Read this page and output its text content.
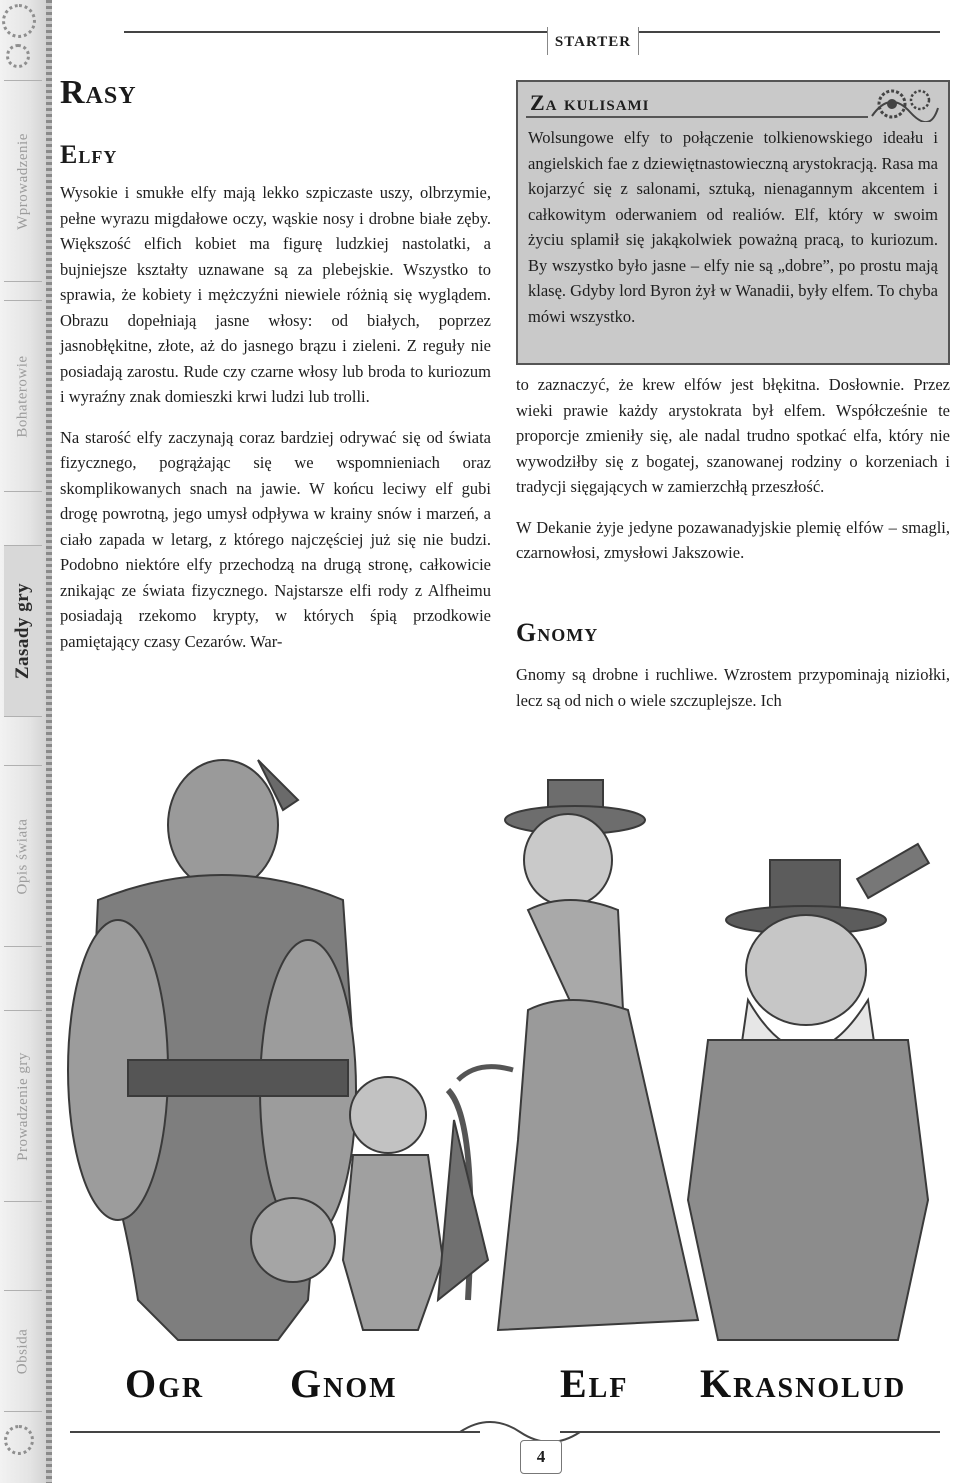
Wprowadzenie
Bohaterowie
Zasady gry
Opis świata
Prowadzenie gry
Obsida
STARTER
Rasy
Elfy

Wysokie i smukłe elfy mają lekko szpiczaste uszy, olbrzymie, pełne wyrazu migdałowe oczy, wąskie nosy i drobne białe zęby. Większość elfich kobiet ma figurę ludzkiej nastolatki, a bujniejsze kształty uznawane są za plebejskie. Wszystko to sprawia, że kobiety i mężczyźni niewiele różnią się wyglądem. Obrazu dopełniają jasne włosy: od białych, poprzez jasnobłękitne, złote, aż do jasnego brązu i zieleni. Z reguły nie posiadają zarostu. Rude czy czarne włosy lub broda to kuriozum i wyraźny znak domieszki krwi ludzi lub trolli.

Na starość elfy zaczynają coraz bardziej odrywać się od świata fizycznego, pogrążając się we wspomnieniach oraz skomplikowanych snach na jawie. W końcu leciwy elf gubi drogę powrotną, jego umysł odpływa w krainy snów i marzeń, a ciało zapada w letarg, z którego najczęściej już się nie budzi. Podobno niektóre elfy przechodzą na drugą stronę, całkowicie znikając ze świata fizycznego. Najstarsze elfi rody z Alfheimu posiadają rzekomo krypty, w których śpią przodkowie pamiętający czasy Cezarów. War-

Za kulisami

Wolsungowe elfy to połączenie tolkienowskiego ideału i angielskich fae z dziewiętnastowieczną arystokracją. Rasa ma kojarzyć się z salonami, sztuką, nienagannym akcentem i całkowitym oderwaniem od realiów. Elf, który w swoim życiu splamił się jakąkolwiek poważną pracą, to kuriozum. By wszystko było jasne – elfy nie są „dobre”, po prostu mają klasę. Gdyby lord Byron żył w Wanadii, były elfem. To chyba mówi wszystko.

to zaznaczyć, że krew elfów jest błękitna. Dosłownie. Przez wieki prawie każdy arystokrata był elfem. Współcześnie te proporcje zmieniły się, ale nadal trudno spotkać elfa, który nie wywodziłby się z bogatej, szanowanej rodziny o korzeniach i tradycji sięgających w zamierzchłą przeszłość.

W Dekanie żyje jedyne pozawanadyjskie plemię elfów – smagli, czarnowłosi, zmysłowi Jakszowie.

Gnomy

Gnomy są drobne i ruchliwe. Wzrostem przypominają niziołki, lecz są od nich o wiele szczuplejsze. Ich

Ogr Gnom	Elf Krasnolud
4
